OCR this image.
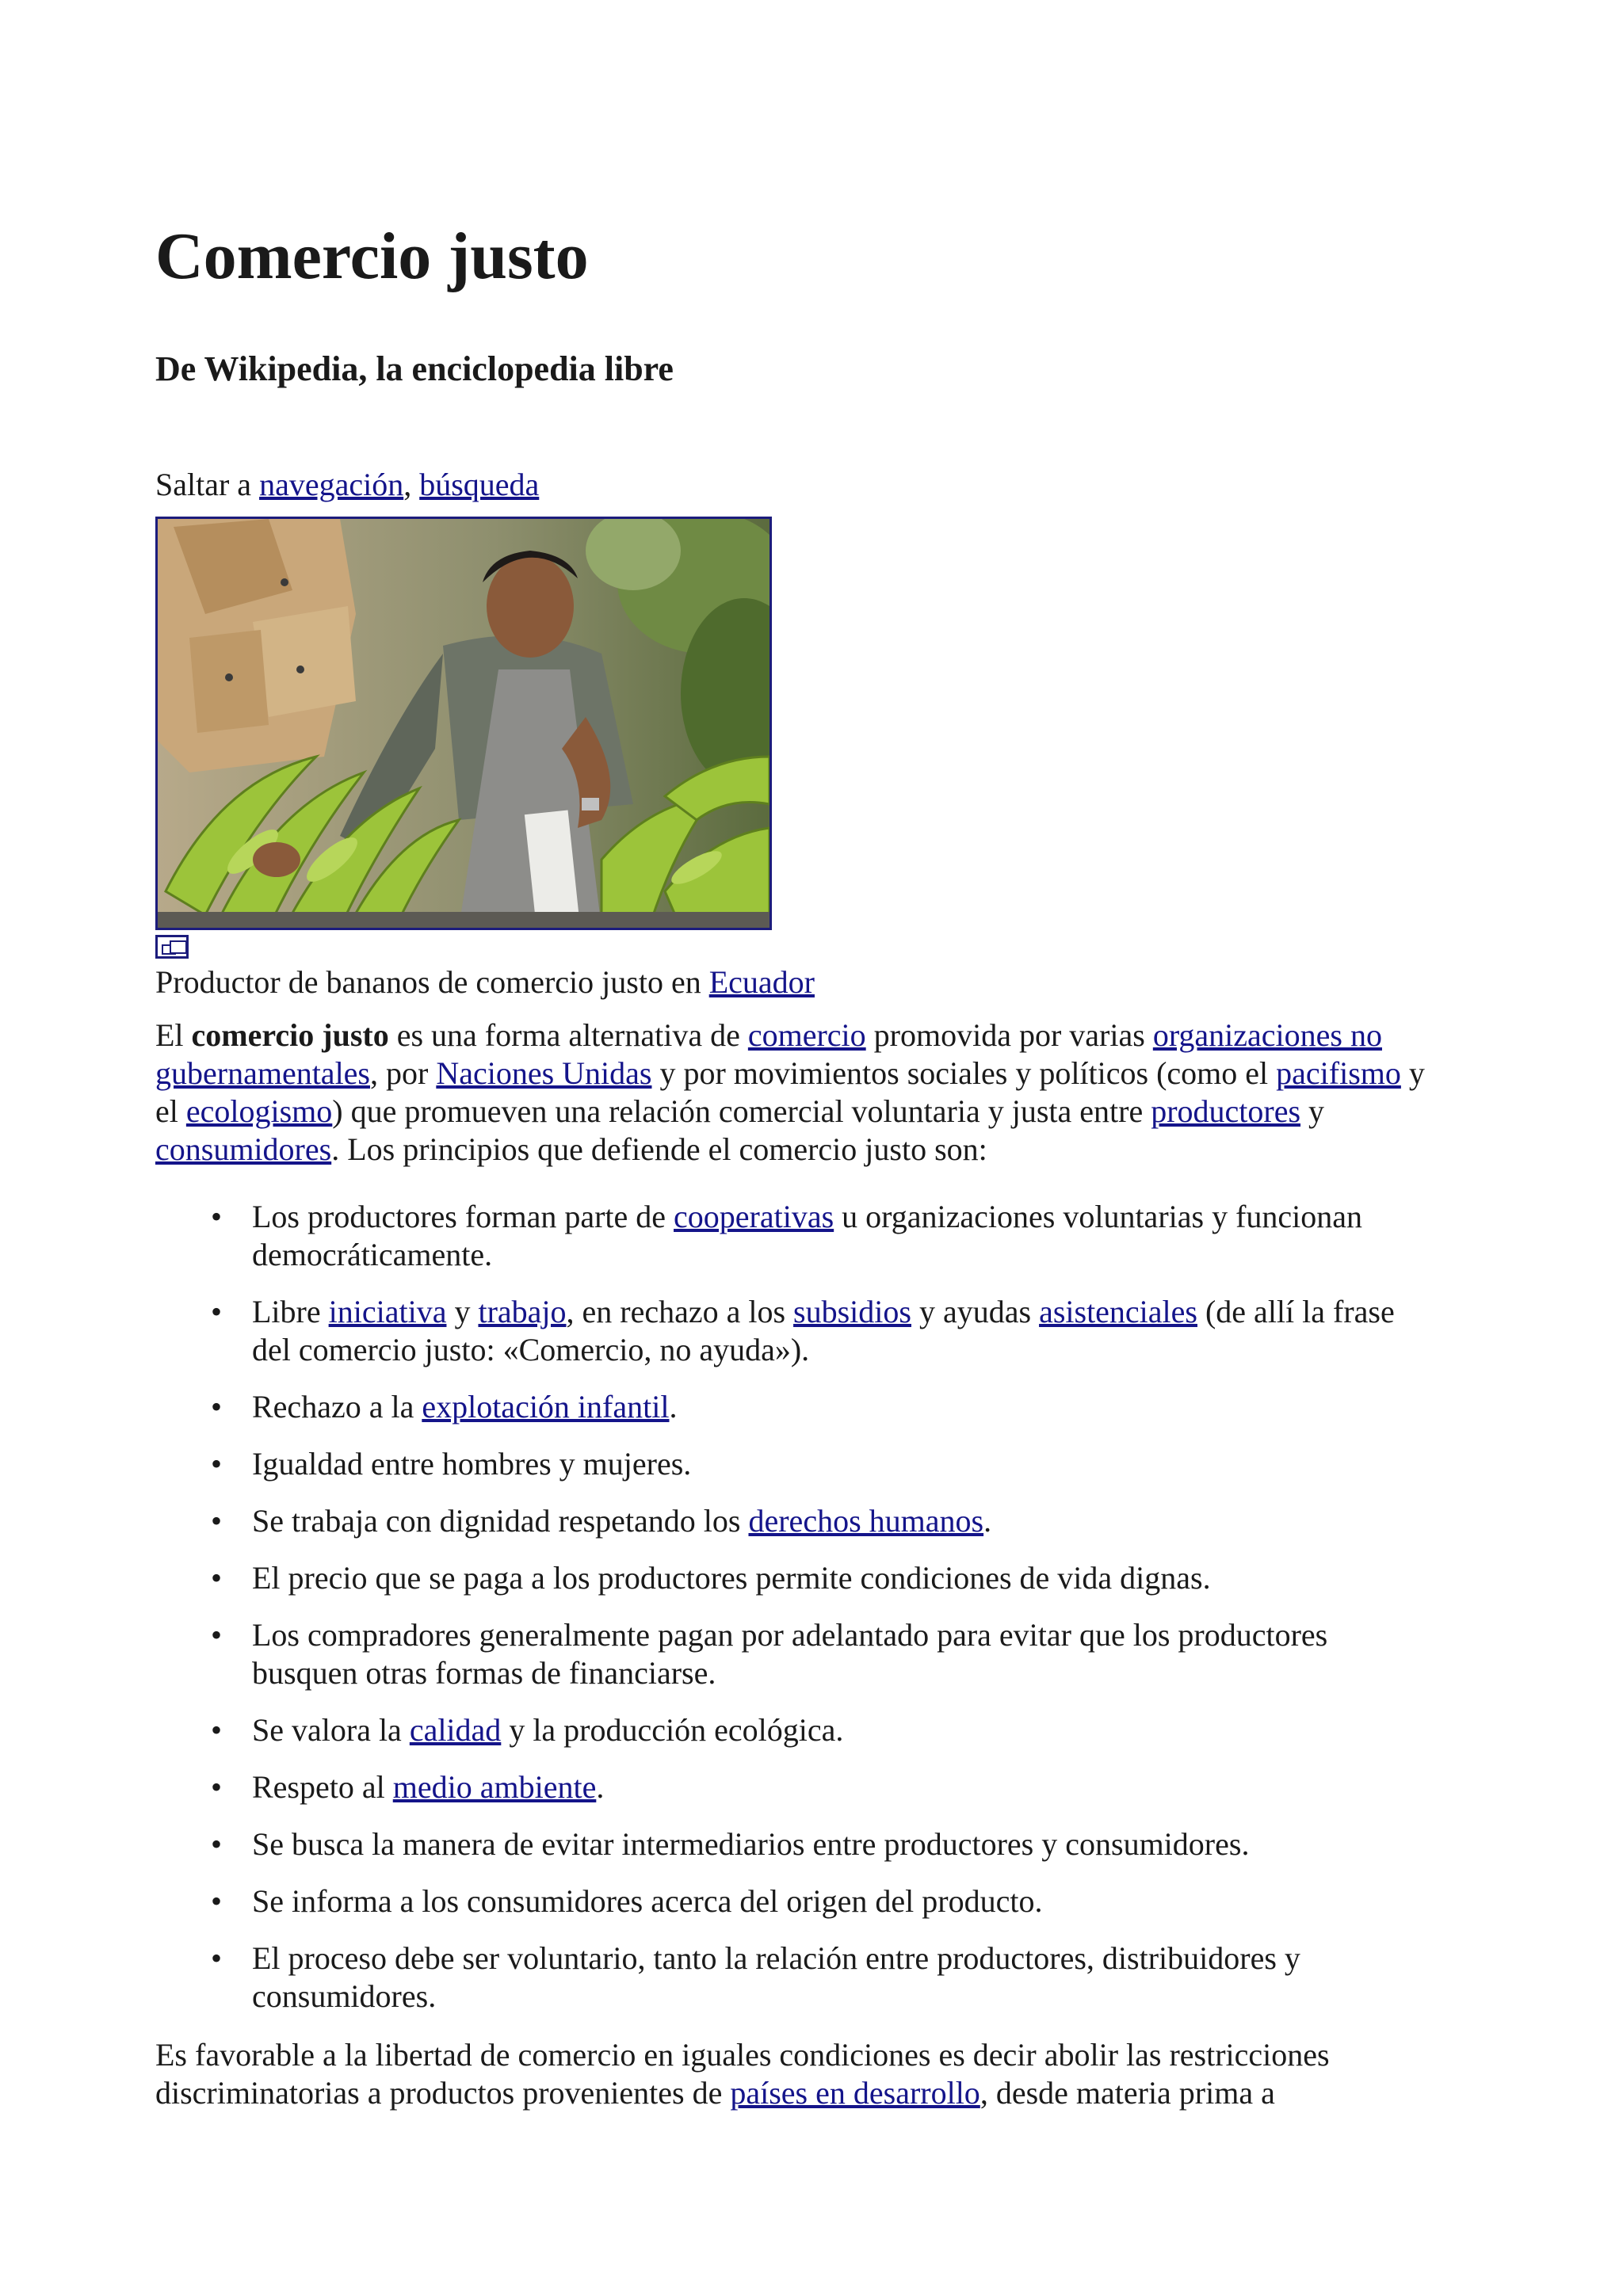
Comercio justo
De Wikipedia, la enciclopedia libre

Saltar a navegación, búsqueda

Productor de bananos de comercio justo en Ecuador

El comercio justo es una forma alternativa de comercio promovida por varias organizaciones no
gubernamentales, por Naciones Unidas y por movimientos sociales y políticos (como el pacifismo y
el ecologismo) que promueven una relación comercial voluntaria y justa entre productores y
consumidores. Los principios que defiende el comercio justo son:

• Los productores forman parte de cooperativas u organizaciones voluntarias y funcionan
democráticamente.
• Libre iniciativa y trabajo, en rechazo a los subsidios y ayudas asistenciales (de allí la frase
del comercio justo: «Comercio, no ayuda»).
• Rechazo a la explotación infantil.
• Igualdad entre hombres y mujeres.
• Se trabaja con dignidad respetando los derechos humanos.
• El precio que se paga a los productores permite condiciones de vida dignas.
• Los compradores generalmente pagan por adelantado para evitar que los productores
busquen otras formas de financiarse.
• Se valora la calidad y la producción ecológica.
• Respeto al medio ambiente.
• Se busca la manera de evitar intermediarios entre productores y consumidores.
• Se informa a los consumidores acerca del origen del producto.
• El proceso debe ser voluntario, tanto la relación entre productores, distribuidores y
consumidores.

Es favorable a la libertad de comercio en iguales condiciones es decir abolir las restricciones
discriminatorias a productos provenientes de países en desarrollo, desde materia prima a
